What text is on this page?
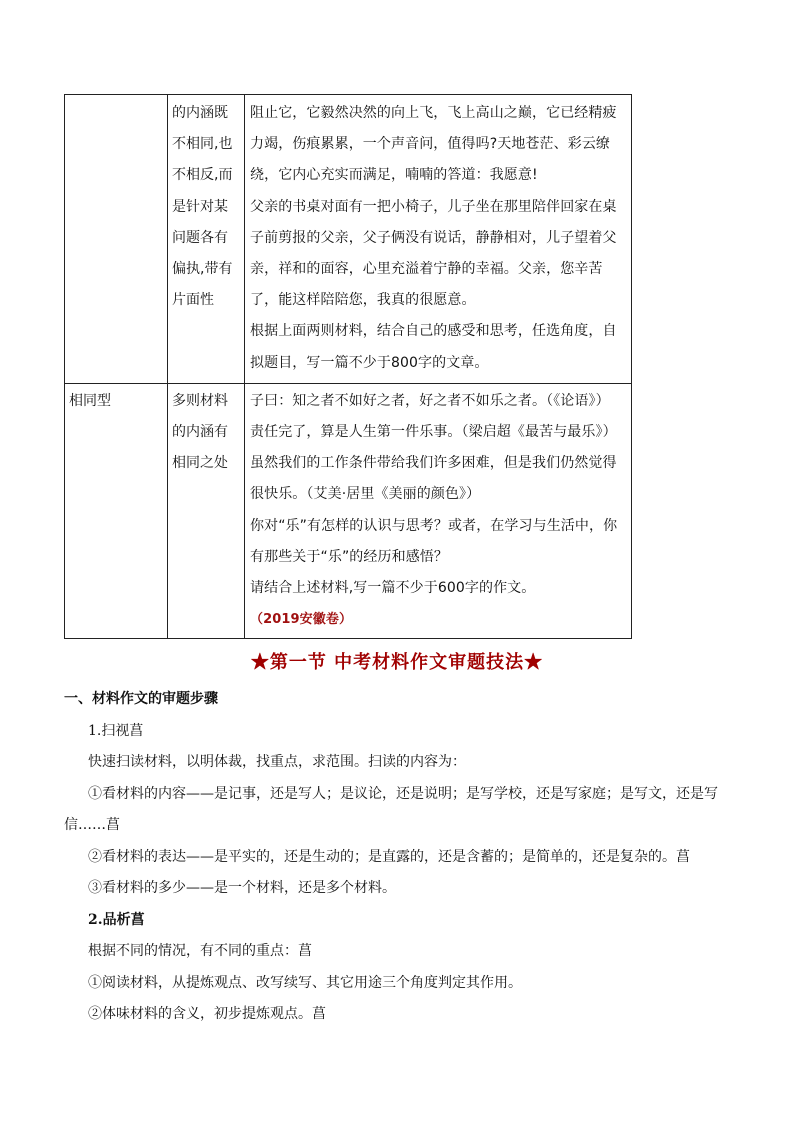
	的内涵既不相同,也不相反,而是针对某问题各有偏执,带有片面性	阻止它，它毅然决然的向上飞，飞上高山之巅，它已经精疲力竭，伤痕累累，一个声音问，值得吗?天地苍茫、彩云缭绕，它内心充实而满足，喃喃的答道：我愿意!
父亲的书桌对面有一把小椅子，儿子坐在那里陪伴回家在桌子前剪报的父亲，父子俩没有说话，静静相对，儿子望着父亲，祥和的面容，心里充溢着宁静的幸福。父亲，您辛苦了，能这样陪陪您，我真的很愿意。
根据上面两则材料，结合自己的感受和思考，任选角度，自拟题目，写一篇不少于800字的文章。

相同型	多则材料的内涵有相同之处	子曰：知之者不如好之者，好之者不如乐之者。（《论语》）
责任完了，算是人生第一件乐事。（梁启超《最苦与最乐》）
虽然我们的工作条件带给我们许多困难，但是我们仍然觉得很快乐。（艾美·居里《美丽的颜色》）
你对“乐”有怎样的认识与思考？或者，在学习与生活中，你有那些关于“乐”的经历和感悟？
请结合上述材料,写一篇不少于600字的作文。（2019安徽卷）
★第一节 中考材料作文审题技法★
一、材料作文的审题步骤
1.扫视菖
快速扫读材料，以明体裁，找重点，求范围。扫读的内容为：
①看材料的内容——是记事，还是写人；是议论，还是说明；是写学校，还是写家庭；是写文，还是写信……菖
②看材料的表达——是平实的，还是生动的；是直露的，还是含蓄的；是简单的，还是复杂的。菖
③看材料的多少——是一个材料，还是多个材料。
2.品析菖
根据不同的情况，有不同的重点：菖
①阅读材料，从提炼观点、改写续写、其它用途三个角度判定其作用。
②体味材料的含义，初步提炼观点。菖
